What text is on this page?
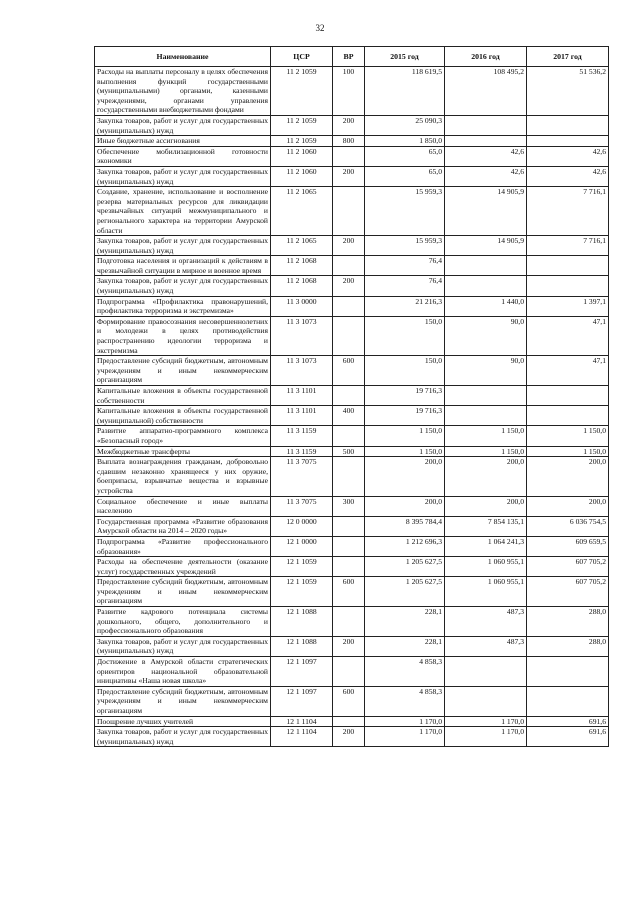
32
Наименование	ЦСР	ВР	2015 год	2016 год	2017 год
Расходы на выплаты персоналу в целях обеспечения выполнения функций государственными (муниципальными) органами, казенными учреждениями, органами управления государственными внебюджетными фондами	11 2 1059	100	118 619,5	108 495,2	51 536,2
Закупка товаров, работ и услуг для государственных (муниципальных) нужд	11 2 1059	200	25 090,3		
Иные бюджетные ассигнования	11 2 1059	800	1 850,0		
Обеспечение мобилизационной готовности экономики	11 2 1060		65,0	42,6	42,6
Закупка товаров, работ и услуг для государственных (муниципальных) нужд	11 2 1060	200	65,0	42,6	42,6
Создание, хранение, использование и восполнение резерва материальных ресурсов для ликвидации чрезвычайных ситуаций межмуниципального и регионального характера на территории Амурской области	11 2 1065		15 959,3	14 905,9	7 716,1
Закупка товаров, работ и услуг для государственных (муниципальных) нужд	11 2 1065	200	15 959,3	14 905,9	7 716,1
Подготовка населения и организаций к действиям в чрезвычайной ситуации в мирное и военное время	11 2 1068		76,4		
Закупка товаров, работ и услуг для государственных (муниципальных) нужд	11 2 1068	200	76,4		
Подпрограмма «Профилактика правонарушений, профилактика терроризма и экстремизма»	11 3 0000		21 216,3	1 440,0	1 397,1
Формирование правосознания несовершеннолетних и молодежи в целях противодействия распространению идеологии терроризма и экстремизма	11 3 1073		150,0	90,0	47,1
Предоставление субсидий бюджетным, автономным учреждениям и иным некоммерческим организациям	11 3 1073	600	150,0	90,0	47,1
Капитальные вложения в объекты государственной собственности	11 3 1101		19 716,3		
Капитальные вложения в объекты государственной (муниципальной) собственности	11 3 1101	400	19 716,3		
Развитие аппаратно-программного комплекса «Безопасный город»	11 3 1159		1 150,0	1 150,0	1 150,0
Межбюджетные трансферты	11 3 1159	500	1 150,0	1 150,0	1 150,0
Выплата вознаграждения гражданам, добровольно сдавшим незаконно хранящееся у них оружие, боеприпасы, взрывчатые вещества и взрывные устройства	11 3 7075		200,0	200,0	200,0
Социальное обеспечение и иные выплаты населению	11 3 7075	300	200,0	200,0	200,0
Государственная программа «Развитие образования Амурской области на 2014 – 2020 годы»	12 0 0000		8 395 784,4	7 854 135,1	6 036 754,5
Подпрограмма «Развитие профессионального образования»	12 1 0000		1 212 696,3	1 064 241,3	609 659,5
Расходы на обеспечение деятельности (оказание услуг) государственных учреждений	12 1 1059		1 205 627,5	1 060 955,1	607 705,2
Предоставление субсидий бюджетным, автономным учреждениям и иным некоммерческим организациям	12 1 1059	600	1 205 627,5	1 060 955,1	607 705,2
Развитие кадрового потенциала системы дошкольного, общего, дополнительного и профессионального образования	12 1 1088		228,1	487,3	288,0
Закупка товаров, работ и услуг для государственных (муниципальных) нужд	12 1 1088	200	228,1	487,3	288,0
Достижение в Амурской области стратегических ориентиров национальной образовательной инициативы «Наша новая школа»	12 1 1097		4 858,3		
Предоставление субсидий бюджетным, автономным учреждениям и иным некоммерческим организациям	12 1 1097	600	4 858,3		
Поощрение лучших учителей	12 1 1104		1 170,0	1 170,0	691,6
Закупка товаров, работ и услуг для государственных (муниципальных) нужд	12 1 1104	200	1 170,0	1 170,0	691,6
